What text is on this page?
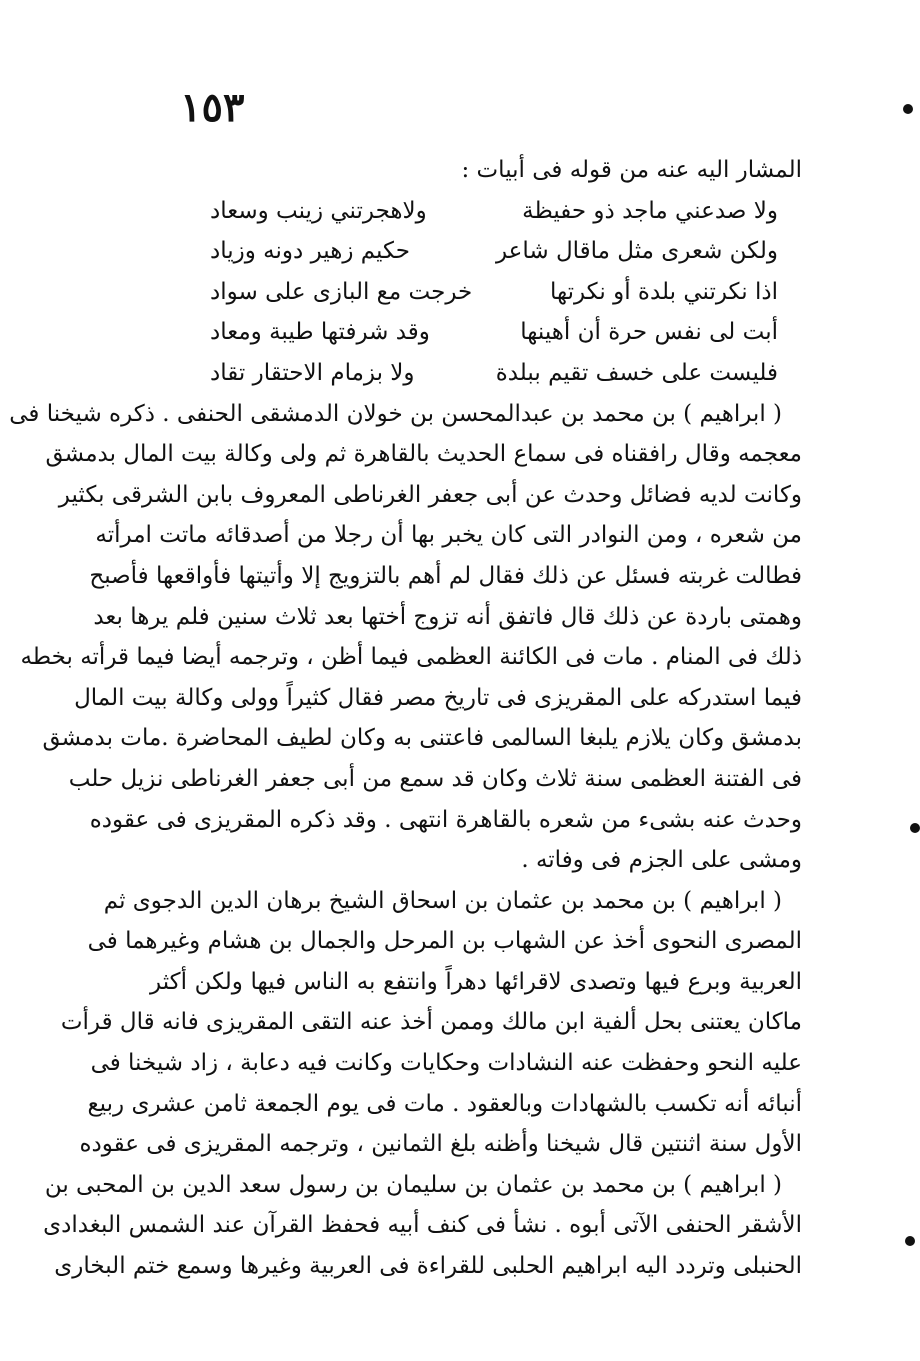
١٥٣
المشار اليه عنه من قوله فى أبيات :
ولا صدعني ماجد ذو حفيظة
ولاهجرتني زينب وسعاد
ولكن شعرى مثل ماقال شاعر
حكيم زهير دونه وزياد
اذا نكرتني بلدة أو نكرتها
خرجت مع البازى على سواد
أبت لى نفس حرة أن أهينها
وقد شرفتها طيبة ومعاد
فليست على خسف تقيم ببلدة
ولا بزمام الاحتقار تقاد
( ابراهيم ) بن محمد بن عبدالمحسن بن خولان الدمشقى الحنفى . ذكره شيخنا فى
معجمه وقال رافقناه فى سماع الحديث بالقاهرة ثم ولى وكالة بيت المال بدمشق
وكانت لديه فضائل وحدث عن أبى جعفر الغرناطى المعروف بابن الشرقى بكثير
من شعره ، ومن النوادر التى كان يخبر بها أن رجلا من أصدقائه ماتت امرأته
فطالت غربته فسئل عن ذلك فقال لم أهم بالتزويج إلا وأتيتها فأواقعها فأصبح
وهمتى باردة عن ذلك قال فاتفق أنه تزوج أختها بعد ثلاث سنين فلم يرها بعد
ذلك فى المنام . مات فى الكائنة العظمى فيما أظن ، وترجمه أيضا فيما قرأته بخطه
فيما استدركه على المقريزى فى تاريخ مصر فقال كثيراً وولى وكالة بيت المال
بدمشق وكان يلازم يلبغا السالمى فاعتنى به وكان لطيف المحاضرة .مات بدمشق
فى الفتنة العظمى سنة ثلاث وكان قد سمع من أبى جعفر الغرناطى نزيل حلب
وحدث عنه بشىء من شعره بالقاهرة انتهى . وقد ذكره المقريزى فى عقوده
ومشى على الجزم فى وفاته .
( ابراهيم ) بن محمد بن عثمان بن اسحاق الشيخ برهان الدين الدجوى ثم
المصرى النحوى أخذ عن الشهاب بن المرحل والجمال بن هشام وغيرهما فى
العربية وبرع فيها وتصدى لاقرائها دهراً وانتفع به الناس فيها ولكن أكثر
ماكان يعتنى بحل ألفية ابن مالك وممن أخذ عنه التقى المقريزى فانه قال قرأت
عليه النحو وحفظت عنه النشادات وحكايات وكانت فيه دعابة ، زاد شيخنا فى
أنبائه أنه تكسب بالشهادات وبالعقود . مات فى يوم الجمعة ثامن عشرى ربيع
الأول سنة اثنتين قال شيخنا وأظنه بلغ الثمانين ، وترجمه المقريزى فى عقوده
( ابراهيم ) بن محمد بن عثمان بن سليمان بن رسول سعد الدين بن المحبى بن
الأشقر الحنفى الآتى أبوه . نشأ فى كنف أبيه فحفظ القرآن عند الشمس البغدادى
الحنبلى وتردد اليه ابراهيم الحلبى للقراءة فى العربية وغيرها وسمع ختم البخارى
